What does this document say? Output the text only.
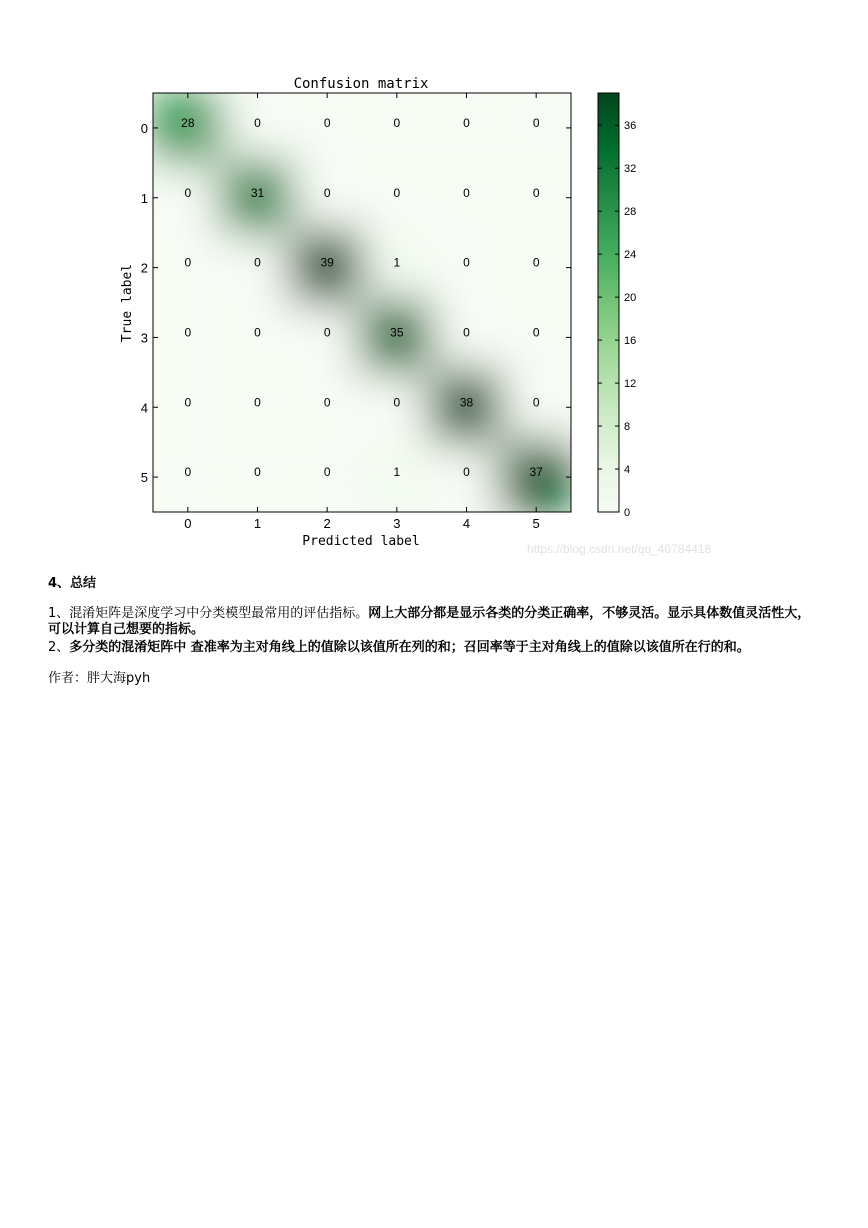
Confusion matrix
28	0	0	0	0	0
0	31	0	0	0	0
0	0	39	1	0	0
0	0	0	35	0	0
0	0	0	0	38	0
0	0	0	1	0	37
0	1	2	3	4	5
0
1
2
3
4
5
Predicted label
True label
0
4
8
12
16
20
24
28
32
36
https://blog.csdn.net/qq_40784418
4、总结
1、混淆矩阵是深度学习中分类模型最常用的评估指标。网上大部分都是显示各类的分类正确率，不够灵活。显示具体数值灵活性大，可以计算自己想要的指标。
2、多分类的混淆矩阵中 查准率为主对角线上的值除以该值所在列的和；召回率等于主对角线上的值除以该值所在行的和。
作者：胖大海pyh
